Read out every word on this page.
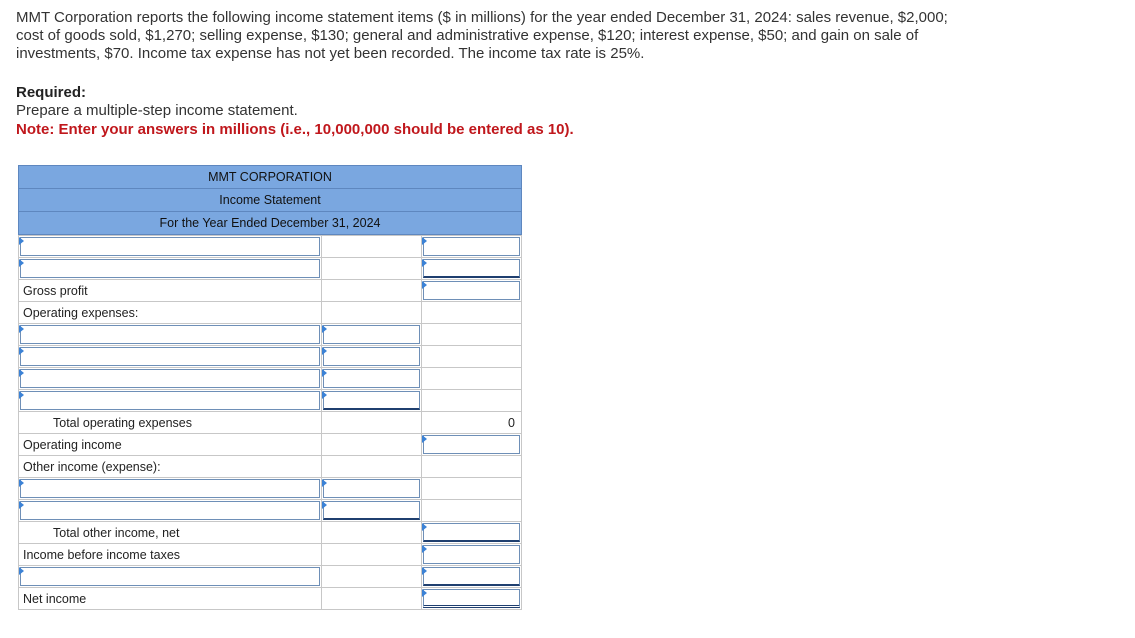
MMT Corporation reports the following income statement items ($ in millions) for the year ended December 31, 2024: sales revenue, $2,000; cost of goods sold, $1,270; selling expense, $130; general and administrative expense, $120; interest expense, $50; and gain on sale of investments, $70. Income tax expense has not yet been recorded. The income tax rate is 25%.
Required:
Prepare a multiple-step income statement.
Note: Enter your answers in millions (i.e., 10,000,000 should be entered as 10).
MMT CORPORATION
Income Statement
For the Year Ended December 31, 2024

Gross profit		

Operating expenses:		

Total operating expenses		0

Operating income		

Other income (expense):		

Total other income, net		

Income before income taxes		

Net income		
